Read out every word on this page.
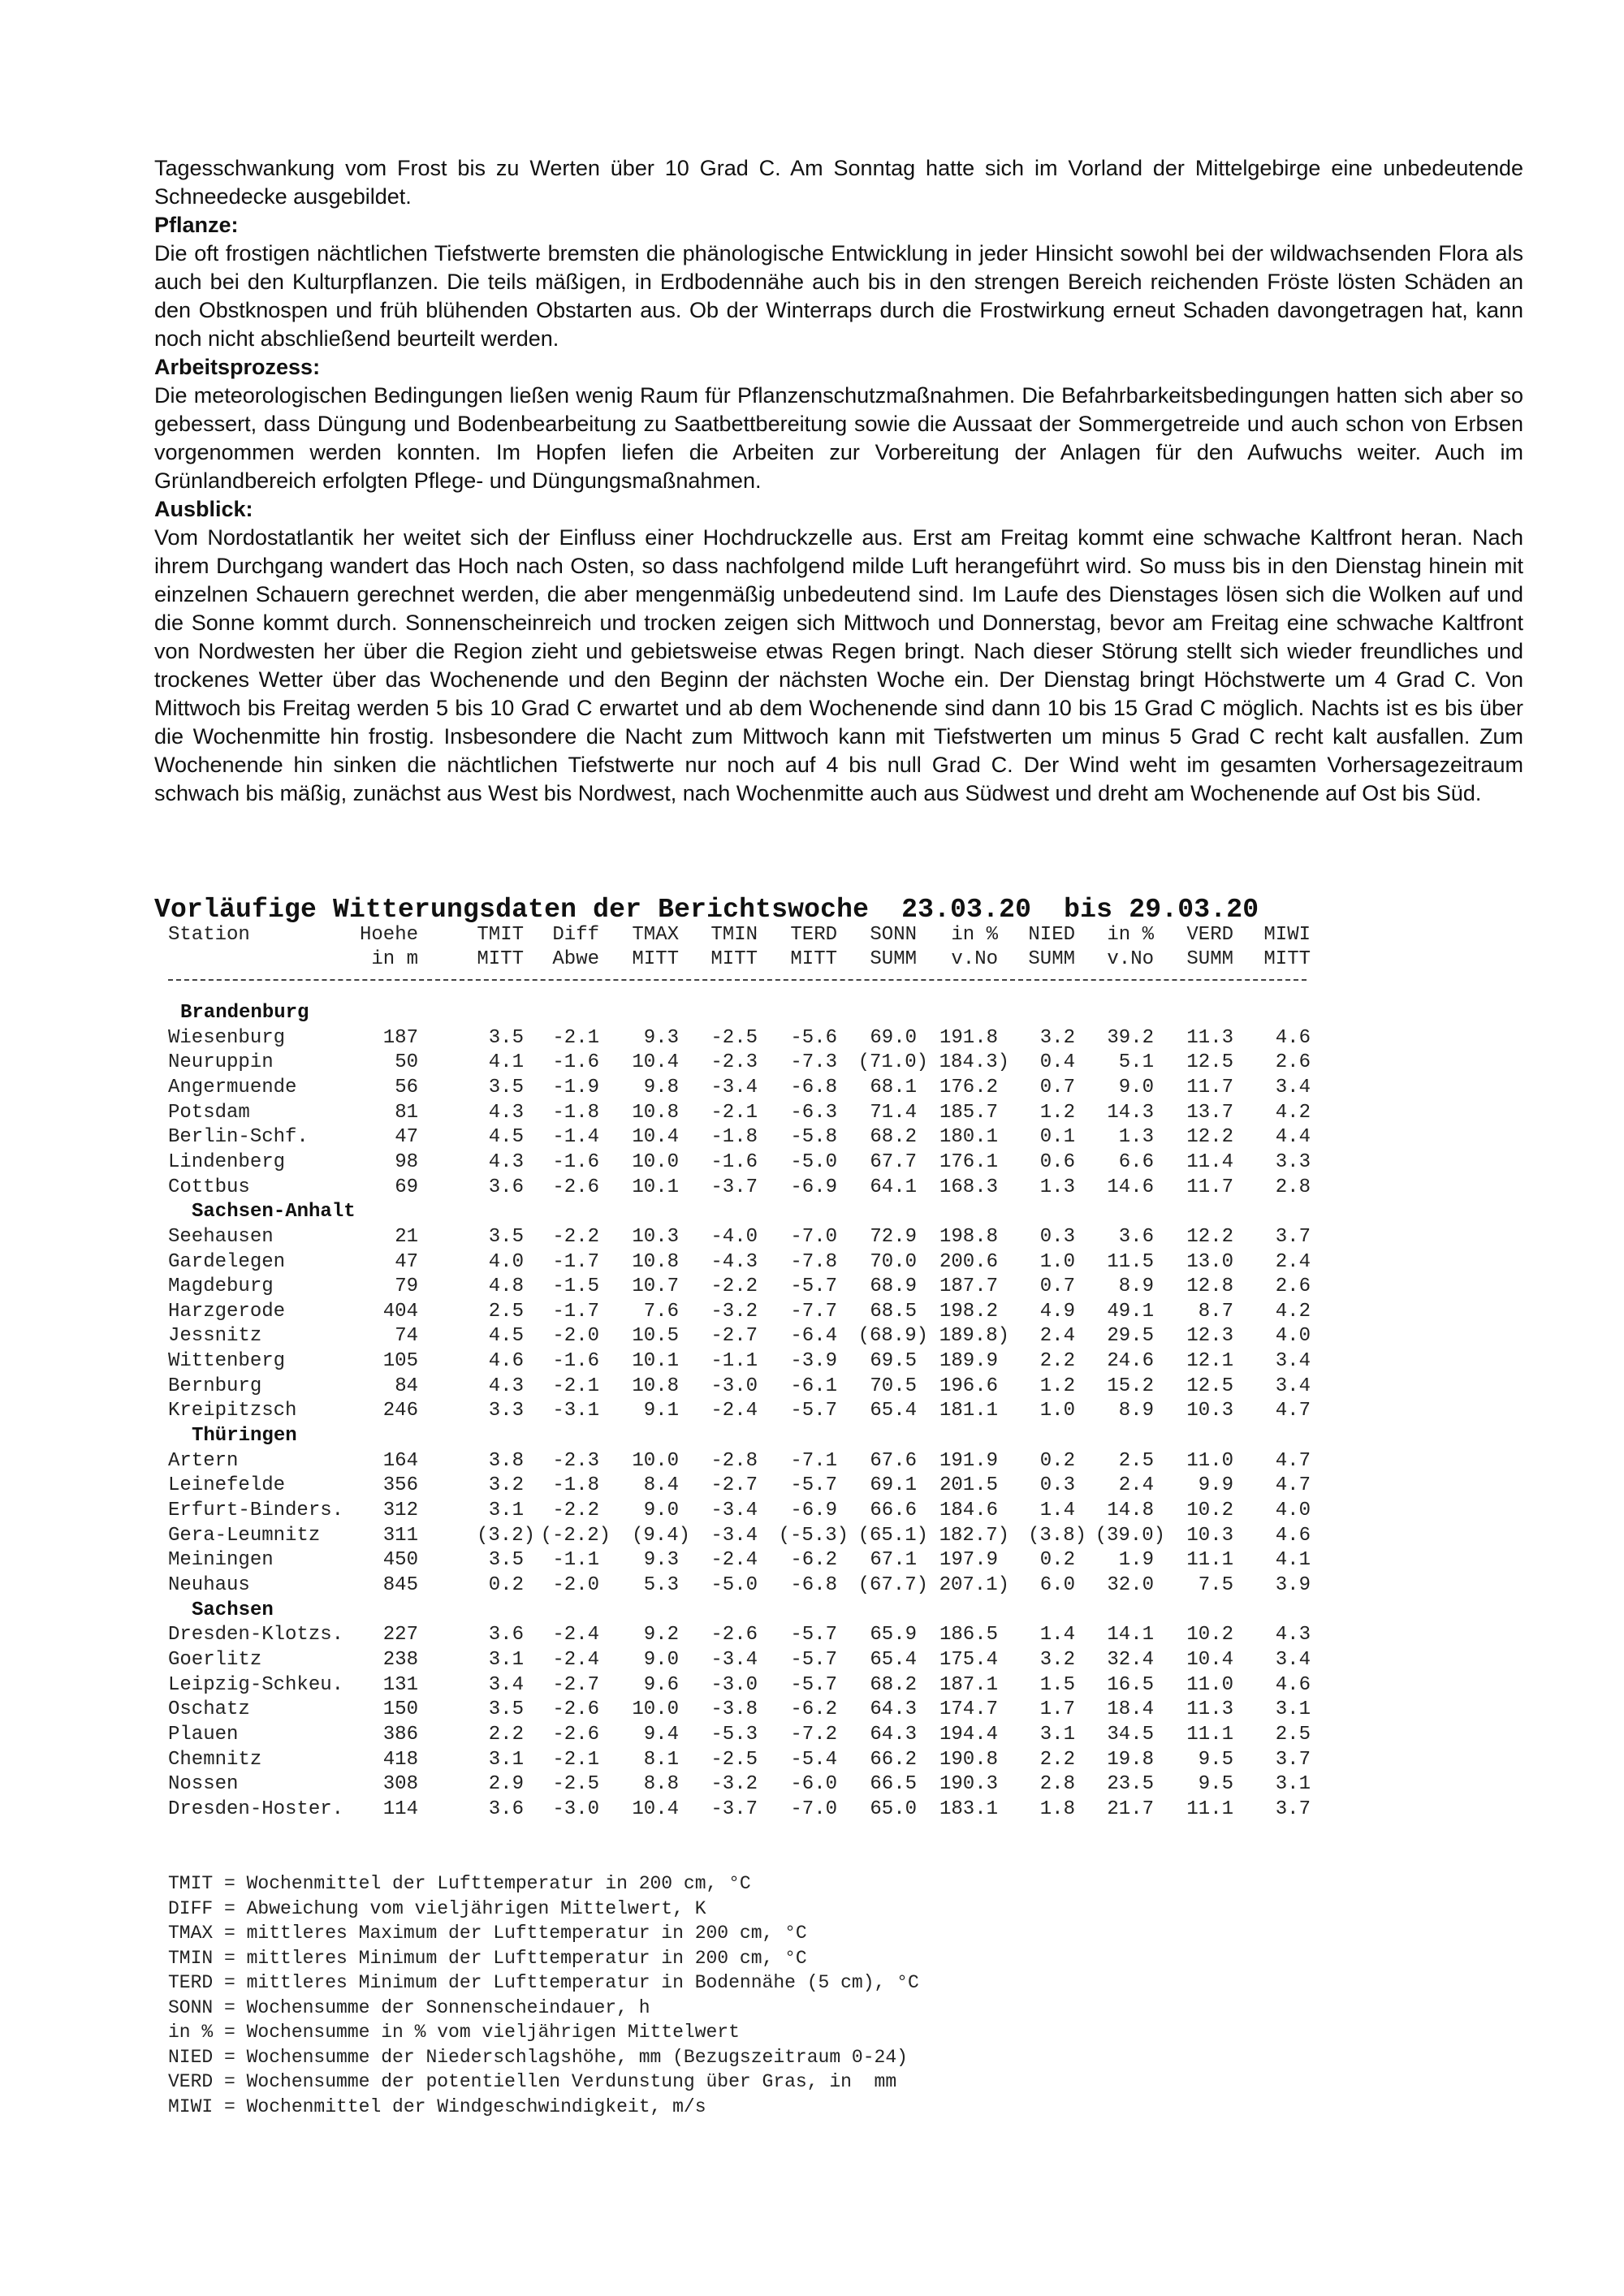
Tagesschwankung vom Frost bis zu Werten über 10 Grad C. Am Sonntag hatte sich im Vorland der Mittelgebirge eine unbedeutende Schneedecke ausgebildet.

Pflanze:

Die oft frostigen nächtlichen Tiefstwerte bremsten die phänologische Entwicklung in jeder Hinsicht sowohl bei der wildwachsenden Flora als auch bei den Kulturpflanzen. Die teils mäßigen, in Erdbodennähe auch bis in den strengen Bereich reichenden Fröste lösten Schäden an den Obstknospen und früh blühenden Obstarten aus. Ob der Winterraps durch die Frostwirkung erneut Schaden davongetragen hat, kann noch nicht abschließend beurteilt werden.

Arbeitsprozess:

Die meteorologischen Bedingungen ließen wenig Raum für Pflanzenschutzmaßnahmen. Die Befahrbarkeitsbedingungen hatten sich aber so gebessert, dass Düngung und Bodenbearbeitung zu Saatbettbereitung sowie die Aussaat der Sommergetreide und auch schon von Erbsen vorgenommen werden konnten. Im Hopfen liefen die Arbeiten zur Vorbereitung der Anlagen für den Aufwuchs weiter. Auch im Grünlandbereich erfolgten Pflege- und Düngungsmaßnahmen.

Ausblick:

Vom Nordostatlantik her weitet sich der Einfluss einer Hochdruckzelle aus. Erst am Freitag kommt eine schwache Kaltfront heran. Nach ihrem Durchgang wandert das Hoch nach Osten, so dass nachfolgend milde Luft herangeführt wird. So muss bis in den Dienstag hinein mit einzelnen Schauern gerechnet werden, die aber mengenmäßig unbedeutend sind. Im Laufe des Dienstages lösen sich die Wolken auf und die Sonne kommt durch. Sonnenscheinreich und trocken zeigen sich Mittwoch und Donnerstag, bevor am Freitag eine schwache Kaltfront von Nordwesten her über die Region zieht und gebietsweise etwas Regen bringt. Nach dieser Störung stellt sich wieder freundliches und trockenes Wetter über das Wochenende und den Beginn der nächsten Woche ein. Der Dienstag bringt Höchstwerte um 4 Grad C. Von Mittwoch bis Freitag werden 5 bis 10 Grad C erwartet und ab dem Wochenende sind dann 10 bis 15 Grad C möglich. Nachts ist es bis über die Wochenmitte hin frostig. Insbesondere die Nacht zum Mittwoch kann mit Tiefstwerten um minus 5 Grad C recht kalt ausfallen. Zum Wochenende hin sinken die nächtlichen Tiefstwerte nur noch auf 4 bis null Grad C. Der Wind weht im gesamten Vorhersagezeitraum schwach bis mäßig, zunächst aus West bis Nordwest, nach Wochenmitte auch aus Südwest und dreht am Wochenende auf Ost bis Süd.

Vorläufige Witterungsdaten der Berichtswoche  23.03.20  bis 29.03.20
Station	Hoehe	TMIT Diff TMAX TMIN TERD SONN in % NIED in % VERD MIWI
in m	MITT Abwe MITT MITT MITT SUMM v.No SUMM v.No SUMM MITT
Brandenburg
Wiesenburg	187	3.5 -2.1 9.3 -2.5 -5.6 69.0 191.8 3.2 39.2 11.3 4.6
Neuruppin	50	4.1 -1.6 10.4 -2.3 -7.3 (71.0) 184.3) 0.4 5.1 12.5 2.6
Angermuende	56	3.5 -1.9 9.8 -3.4 -6.8 68.1 176.2 0.7 9.0 11.7 3.4
Potsdam	81	4.3 -1.8 10.8 -2.1 -6.3 71.4 185.7 1.2 14.3 13.7 4.2
Berlin-Schf.	47	4.5 -1.4 10.4 -1.8 -5.8 68.2 180.1 0.1 1.3 12.2 4.4
Lindenberg	98	4.3 -1.6 10.0 -1.6 -5.0 67.7 176.1 0.6 6.6 11.4 3.3
Cottbus	69	3.6 -2.6 10.1 -3.7 -6.9 64.1 168.3 1.3 14.6 11.7 2.8
Sachsen-Anhalt
Seehausen	21	3.5 -2.2 10.3 -4.0 -7.0 72.9 198.8 0.3 3.6 12.2 3.7
Gardelegen	47	4.0 -1.7 10.8 -4.3 -7.8 70.0 200.6 1.0 11.5 13.0 2.4
Magdeburg	79	4.8 -1.5 10.7 -2.2 -5.7 68.9 187.7 0.7 8.9 12.8 2.6
Harzgerode	404	2.5 -1.7 7.6 -3.2 -7.7 68.5 198.2 4.9 49.1 8.7 4.2
Jessnitz	74	4.5 -2.0 10.5 -2.7 -6.4 (68.9) 189.8) 2.4 29.5 12.3 4.0
Wittenberg	105	4.6 -1.6 10.1 -1.1 -3.9 69.5 189.9 2.2 24.6 12.1 3.4
Bernburg	84	4.3 -2.1 10.8 -3.0 -6.1 70.5 196.6 1.2 15.2 12.5 3.4
Kreipitzsch	246	3.3 -3.1 9.1 -2.4 -5.7 65.4 181.1 1.0 8.9 10.3 4.7
Thüringen
Artern	164	3.8 -2.3 10.0 -2.8 -7.1 67.6 191.9 0.2 2.5 11.0 4.7
Leinefelde	356	3.2 -1.8 8.4 -2.7 -5.7 69.1 201.5 0.3 2.4 9.9 4.7
Erfurt-Binders. 312	3.1 -2.2 9.0 -3.4 -6.9 66.6 184.6 1.4 14.8 10.2 4.0
Gera-Leumnitz	311	(3.2) (-2.2) (9.4) -3.4 (-5.3) (65.1) 182.7) (3.8) (39.0) 10.3 4.6
Meiningen	450	3.5 -1.1 9.3 -2.4 -6.2 67.1 197.9 0.2 1.9 11.1 4.1
Neuhaus	845	0.2 -2.0 5.3 -5.0 -6.8 (67.7) 207.1) 6.0 32.0 7.5 3.9
Sachsen
Dresden-Klotzs. 227	3.6 -2.4 9.2 -2.6 -5.7 65.9 186.5 1.4 14.1 10.2 4.3
Goerlitz	238	3.1 -2.4 9.0 -3.4 -5.7 65.4 175.4 3.2 32.4 10.4 3.4
Leipzig-Schkeu. 131	3.4 -2.7 9.6 -3.0 -5.7 68.2 187.1 1.5 16.5 11.0 4.6
Oschatz	150	3.5 -2.6 10.0 -3.8 -6.2 64.3 174.7 1.7 18.4 11.3 3.1
Plauen	386	2.2 -2.6 9.4 -5.3 -7.2 64.3 194.4 3.1 34.5 11.1 2.5
Chemnitz	418	3.1 -2.1 8.1 -2.5 -5.4 66.2 190.8 2.2 19.8 9.5 3.7
Nossen	308	2.9 -2.5 8.8 -3.2 -6.0 66.5 190.3 2.8 23.5 9.5 3.1
Dresden-Hoster. 114	3.6 -3.0 10.4 -3.7 -7.0 65.0 183.1 1.8 21.7 11.1 3.7
TMIT = Wochenmittel der Lufttemperatur in 200 cm, °C
DIFF = Abweichung vom vieljährigen Mittelwert, K
TMAX = mittleres Maximum der Lufttemperatur in 200 cm, °C
TMIN = mittleres Minimum der Lufttemperatur in 200 cm, °C
TERD = mittleres Minimum der Lufttemperatur in Bodennähe (5 cm), °C
SONN = Wochensumme der Sonnenscheindauer, h
in % = Wochensumme in % vom vieljährigen Mittelwert
NIED = Wochensumme der Niederschlagshöhe, mm (Bezugszeitraum 0-24)
VERD = Wochensumme der potentiellen Verdunstung über Gras, in  mm
MIWI = Wochenmittel der Windgeschwindigkeit, m/s
